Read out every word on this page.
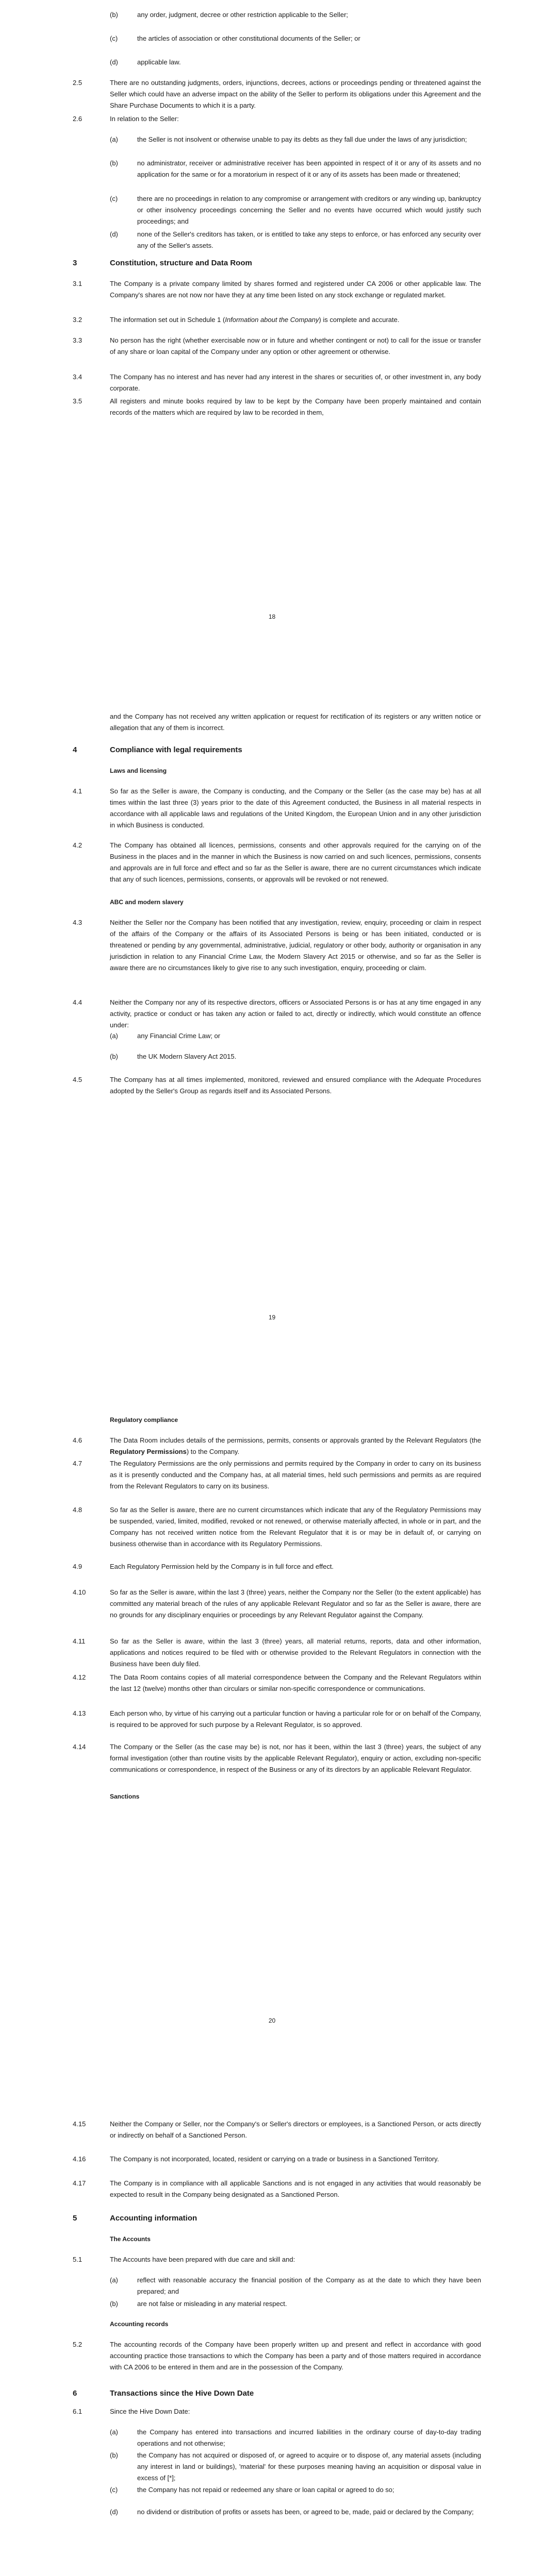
(b)	any order, judgment, decree or other restriction applicable to the Seller;
(c)	the articles of association or other constitutional documents of the Seller; or
(d)	applicable law.
2.5	There are no outstanding judgments, orders, injunctions, decrees, actions or proceedings pending or threatened against the Seller which could have an adverse impact on the ability of the Seller to perform its obligations under this Agreement and the Share Purchase Documents to which it is a party.
2.6	In relation to the Seller:
(a)	the Seller is not insolvent or otherwise unable to pay its debts as they fall due under the laws of any jurisdiction;
(b)	no administrator, receiver or administrative receiver has been appointed in respect of it or any of its assets and no application for the same or for a moratorium in respect of it or any of its assets has been made or threatened;
(c)	there are no proceedings in relation to any compromise or arrangement with creditors or any winding up, bankruptcy or other insolvency proceedings concerning the Seller and no events have occurred which would justify such proceedings; and
(d)	none of the Seller's creditors has taken, or is entitled to take any steps to enforce, or has enforced any security over any of the Seller's assets.
3	Constitution, structure and Data Room
3.1	The Company is a private company limited by shares formed and registered under CA 2006 or other applicable law. The Company's shares are not now nor have they at any time been listed on any stock exchange or regulated market.
3.2	The information set out in Schedule 1 (Information about the Company) is complete and accurate.
3.3	No person has the right (whether exercisable now or in future and whether contingent or not) to call for the issue or transfer of any share or loan capital of the Company under any option or other agreement or otherwise.
3.4	The Company has no interest and has never had any interest in the shares or securities of, or other investment in, any body corporate.
3.5	All registers and minute books required by law to be kept by the Company have been properly maintained and contain records of the matters which are required by law to be recorded in them,
18
and the Company has not received any written application or request for rectification of its registers or any written notice or allegation that any of them is incorrect.
4	Compliance with legal requirements
Laws and licensing
4.1	So far as the Seller is aware, the Company is conducting, and the Company or the Seller (as the case may be) has at all times within the last three (3) years prior to the date of this Agreement conducted, the Business in all material respects in accordance with all applicable laws and regulations of the United Kingdom, the European Union and in any other jurisdiction in which Business is conducted.
4.2	The Company has obtained all licences, permissions, consents and other approvals required for the carrying on of the Business in the places and in the manner in which the Business is now carried on and such licences, permissions, consents and approvals are in full force and effect and so far as the Seller is aware, there are no current circumstances which indicate that any of such licences, permissions, consents, or approvals will be revoked or not renewed.
ABC and modern slavery
4.3	Neither the Seller nor the Company has been notified that any investigation, review, enquiry, proceeding or claim in respect of the affairs of the Company or the affairs of its Associated Persons is being or has been initiated, conducted or is threatened or pending by any governmental, administrative, judicial, regulatory or other body, authority or organisation in any jurisdiction in relation to any Financial Crime Law, the Modern Slavery Act 2015 or otherwise, and so far as the Seller is aware there are no circumstances likely to give rise to any such investigation, enquiry, proceeding or claim.
4.4	Neither the Company nor any of its respective directors, officers or Associated Persons is or has at any time engaged in any activity, practice or conduct or has taken any action or failed to act, directly or indirectly, which would constitute an offence under:
(a)	any Financial Crime Law; or
(b)	the UK Modern Slavery Act 2015.
4.5	The Company has at all times implemented, monitored, reviewed and ensured compliance with the Adequate Procedures adopted by the Seller's Group as regards itself and its Associated Persons.
19
Regulatory compliance
4.6	The Data Room includes details of the permissions, permits, consents or approvals granted by the Relevant Regulators (the Regulatory Permissions) to the Company.
4.7	The Regulatory Permissions are the only permissions and permits required by the Company in order to carry on its business as it is presently conducted and the Company has, at all material times, held such permissions and permits as are required from the Relevant Regulators to carry on its business.
4.8	So far as the Seller is aware, there are no current circumstances which indicate that any of the Regulatory Permissions may be suspended, varied, limited, modified, revoked or not renewed, or otherwise materially affected, in whole or in part, and the Company has not received written notice from the Relevant Regulator that it is or may be in default of, or carrying on business otherwise than in accordance with its Regulatory Permissions.
4.9	Each Regulatory Permission held by the Company is in full force and effect.
4.10	So far as the Seller is aware, within the last 3 (three) years, neither the Company nor the Seller (to the extent applicable) has committed any material breach of the rules of any applicable Relevant Regulator and so far as the Seller is aware, there are no grounds for any disciplinary enquiries or proceedings by any Relevant Regulator against the Company.
4.11	So far as the Seller is aware, within the last 3 (three) years, all material returns, reports, data and other information, applications and notices required to be filed with or otherwise provided to the Relevant Regulators in connection with the Business have been duly filed.
4.12	The Data Room contains copies of all material correspondence between the Company and the Relevant Regulators within the last 12 (twelve) months other than circulars or similar non-specific correspondence or communications.
4.13	Each person who, by virtue of his carrying out a particular function or having a particular role for or on behalf of the Company, is required to be approved for such purpose by a Relevant Regulator, is so approved.
4.14	The Company or the Seller (as the case may be) is not, nor has it been, within the last 3 (three) years, the subject of any formal investigation (other than routine visits by the applicable Relevant Regulator), enquiry or action, excluding non-specific communications or correspondence, in respect of the Business or any of its directors by an applicable Relevant Regulator.
Sanctions
20
4.15	Neither the Company or Seller, nor the Company's or Seller's directors or employees, is a Sanctioned Person, or acts directly or indirectly on behalf of a Sanctioned Person.
4.16	The Company is not incorporated, located, resident or carrying on a trade or business in a Sanctioned Territory.
4.17	The Company is in compliance with all applicable Sanctions and is not engaged in any activities that would reasonably be expected to result in the Company being designated as a Sanctioned Person.
5	Accounting information
The Accounts
5.1	The Accounts have been prepared with due care and skill and:
(a)	reflect with reasonable accuracy the financial position of the Company as at the date to which they have been prepared; and
(b)	are not false or misleading in any material respect.
Accounting records
5.2	The accounting records of the Company have been properly written up and present and reflect in accordance with good accounting practice those transactions to which the Company has been a party and of those matters required in accordance with CA 2006 to be entered in them and are in the possession of the Company.
6	Transactions since the Hive Down Date
6.1	Since the Hive Down Date:
(a)	the Company has entered into transactions and incurred liabilities in the ordinary course of day-to-day trading operations and not otherwise;
(b)	the Company has not acquired or disposed of, or agreed to acquire or to dispose of, any material assets (including any interest in land or buildings), 'material' for these purposes meaning having an acquisition or disposal value in excess of [*];
(c)	the Company has not repaid or redeemed any share or loan capital or agreed to do so;
(d)	no dividend or distribution of profits or assets has been, or agreed to be, made, paid or declared by the Company;
